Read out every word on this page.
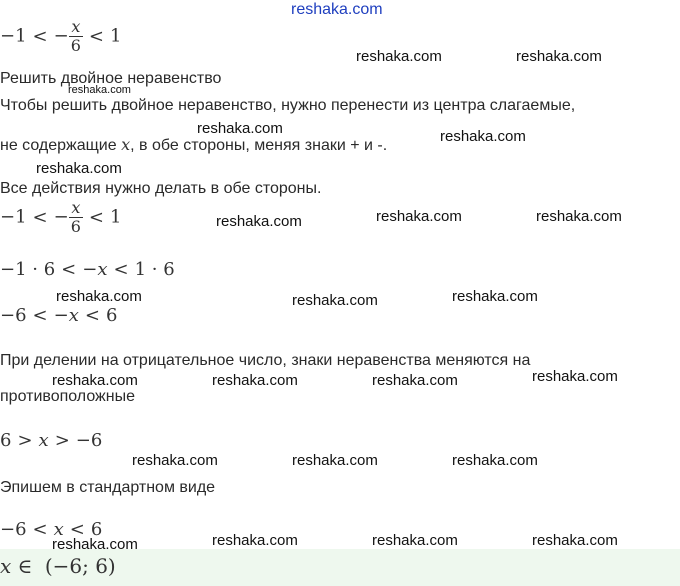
reshaka.com
−1 < − $\frac{x}{6} < 1$
Решить двойное неравенство
Чтобы решить двойное неравенство, нужно перенести из центра слагаемые,
не содержащие x, в обе стороны, меняя знаки + и -.
Все действия нужно делать в обе стороны.
−1 < − $\frac{x}{6} < 1$
−1 · 6 < −x < 1 · 6
−6 < −x < 6
При делении на отрицательное число, знаки неравенства меняются на
противоположные
6 > x > −6
Эпишем в стандартном виде
−6 < x < 6
x ∈ (−6; 6)
reshaka.com	reshaka.com
reshaka.com
reshaka.com	reshaka.com
reshaka.com
reshaka.com	reshaka.com	reshaka.com
reshaka.com	reshaka.com	reshaka.com
reshaka.com	reshaka.com	reshaka.com	reshaka.com
reshaka.com	reshaka.com	reshaka.com
reshaka.com	reshaka.com	reshaka.com	reshaka.com
